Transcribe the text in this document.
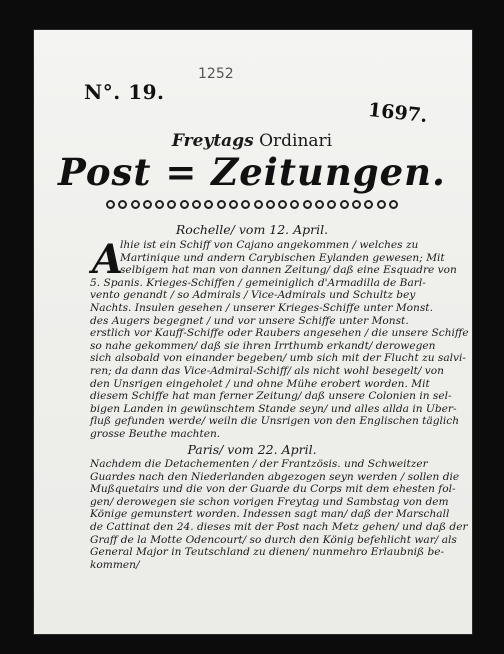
N°. 19.
1252
1697.
Freytags Ordinari
Post = Zeitungen.
Rochelle/ vom 12. April.
A
lhie ist ein Schiff von Cajano angekommen / welches zu
Martinique und andern Carybischen Eylanden gewesen; Mit
selbigem hat man von dannen Zeitung/ daß eine Esquadre von
5. Spanis. Krieges-Schiffen / gemeiniglich d'Armadilla de Barl-
vento genandt / so Admirals / Vice-Admirals und Schultz bey
Nachts. Insulen gesehen / unserer Krieges-Schiffe unter Monst.
des Augers begegnet / und vor unsere Schiffe unter Monst.
erstlich vor Kauff-Schiffe oder Raubers angesehen / die unsere Schiffe
so nahe gekommen/ daß sie ihren Irrthumb erkandt/ derowegen
sich alsobald von einander begeben/ umb sich mit der Flucht zu salvi-
ren; da dann das Vice-Admiral-Schiff/ als nicht wohl besegelt/ von
den Unsrigen eingeholet / und ohne Mühe erobert worden. Mit
diesem Schiffe hat man ferner Zeitung/ daß unsere Colonien in sel-
bigen Landen in gewünschtem Stande seyn/ und alles allda in Uber-
fluß gefunden werde/ weiln die Unsrigen von den Englischen täglich
grosse Beuthe machten.
Paris/ vom 22. April.
Nachdem die Detachementen / der Frantzösis. und Schweitzer
Guardes nach den Niederlanden abgezogen seyn werden / sollen die
Mußquetairs und die von der Guarde du Corps mit dem ehesten fol-
gen/ derowegen sie schon vorigen Freytag und Sambstag von dem
Könige gemunstert worden. Indessen sagt man/ daß der Marschall
de Cattinat den 24. dieses mit der Post nach Metz gehen/ und daß der
Graff de la Motte Odencourt/ so durch den König befehlicht war/ als
General Major in Teutschland zu dienen/ nunmehro Erlaubniß be-
kommen/
